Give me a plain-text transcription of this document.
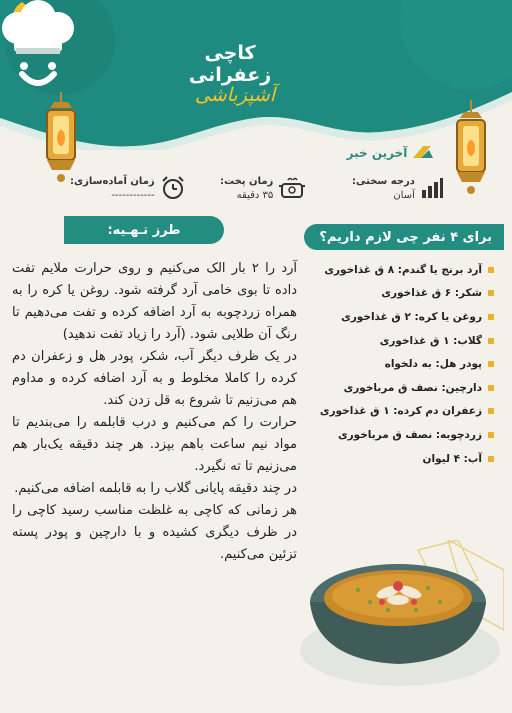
کاچی زعفرانی
آشپزباشی
آخرین خبر
درجه سختی:
آسان
زمان پخت:
۳۵ دقیقه
زمان آماده‌سازی:
------------
برای ۴ نفر چی لازم داریم؟
طرز تـهـیه:

آرد را ۲ بار الک می‌کنیم و روی حرارت ملایم تفت داده تا بوی خامی آرد گرفته شود. روغن یا کره را به همراه زردچوبه به آرد اضافه کرده و تفت می‌دهیم تا رنگ آن طلایی شود. (آرد را زیاد تفت ندهید)

در یک ظرف دیگر آب، شکر، پودر هل و زعفران دم کرده را کاملا مخلوط و به آرد اضافه کرده و مداوم هم می‌زنیم تا شروع به قل زدن کند.

حرارت را کم می‌کنیم و درب قابلمه را می‌بندیم تا مواد نیم ساعت باهم بپزد. هر چند دقیقه یک‌بار هم می‌زنیم تا ته نگیرد.

در چند دقیقه پایانی گلاب را به قابلمه اضافه می‌کنیم.

هر زمانی که کاچی به غلظت مناسب رسید کاچی را در ظرف دیگری کشیده و با دارچین و پودر پسته تزئین می‌کنیم.

آرد برنج یا گندم: ۸ ق غذاخوری
شکر: ۶ ق غذاخوری
روغن یا کره: ۲ ق غذاخوری
گلاب: ۱ ق غذاخوری
پودر هل: به دلخواه
دارچین: نصف ق مرباخوری
زعفران دم کرده: ۱ ق غذاخوری
زردچوبه: نصف ق مرباخوری
آب: ۴ لیوان
